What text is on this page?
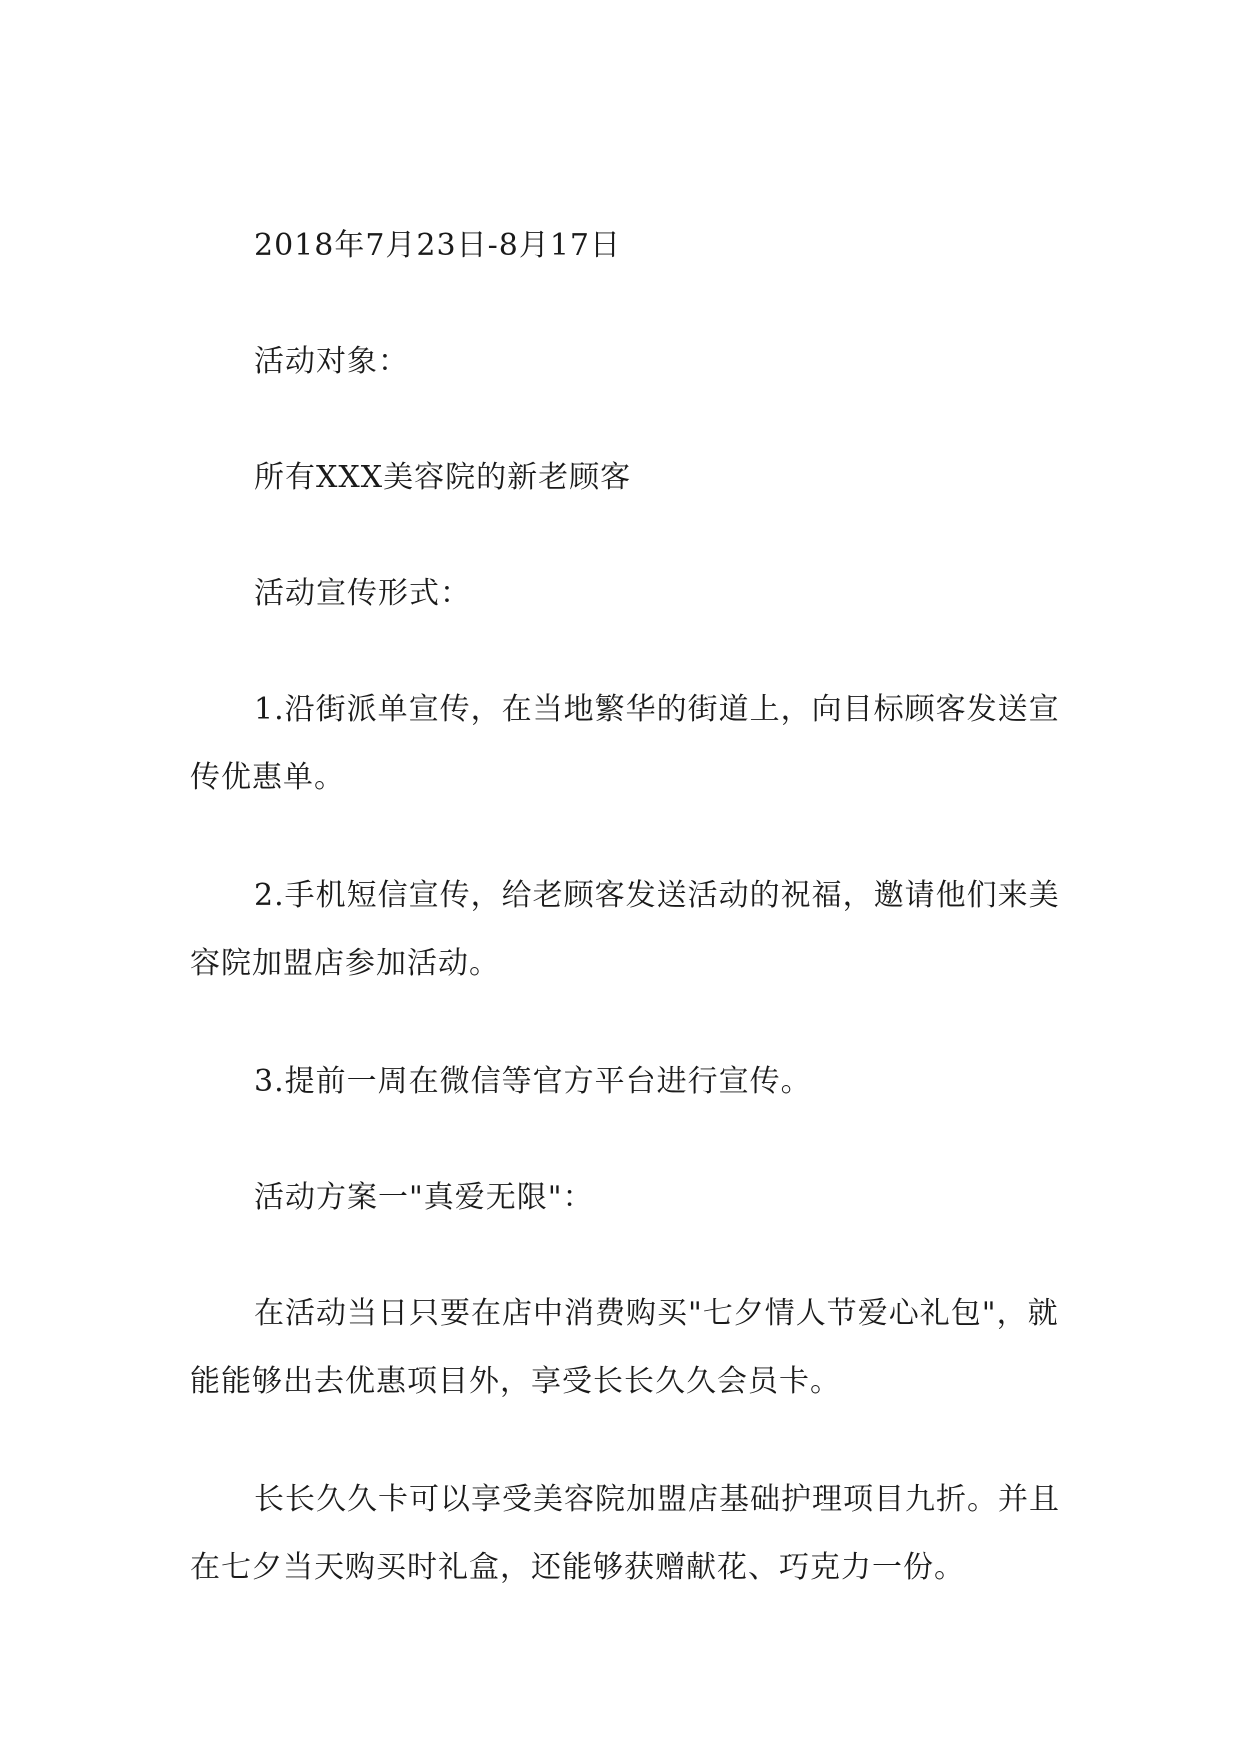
2018年7月23日-8月17日

活动对象：

所有XXX美容院的新老顾客

活动宣传形式：

1.沿街派单宣传，在当地繁华的街道上，向目标顾客发送宣传优惠单。

2.手机短信宣传，给老顾客发送活动的祝福，邀请他们来美容院加盟店参加活动。

3.提前一周在微信等官方平台进行宣传。

活动方案一"真爱无限"：

在活动当日只要在店中消费购买"七夕情人节爱心礼包"，就能能够出去优惠项目外，享受长长久久会员卡。

长长久久卡可以享受美容院加盟店基础护理项目九折。并且在七夕当天购买时礼盒，还能够获赠献花、巧克力一份。
